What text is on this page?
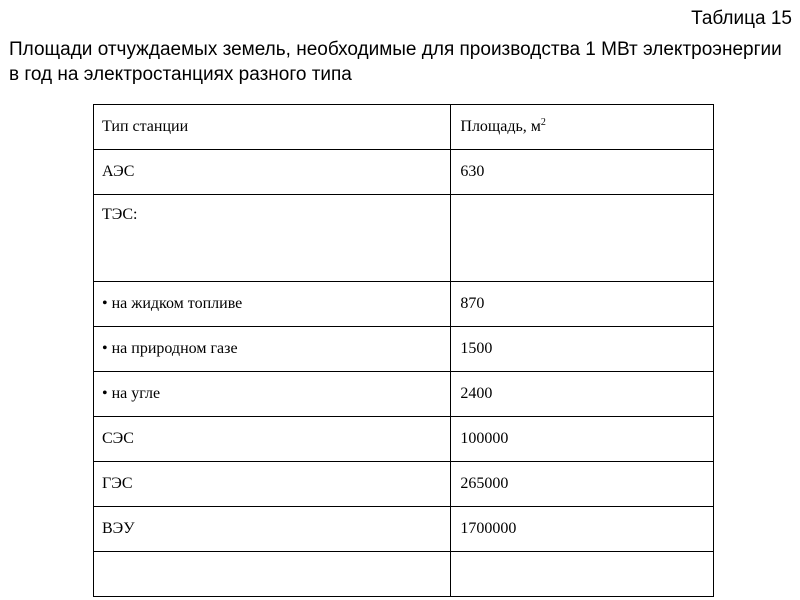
Таблица 15
Площади отчуждаемых земель, необходимые для производства 1 МВт электроэнергии в год на электростанциях разного типа
Тип станции	Площадь, $м^2$
АЭС	630
ТЭС:	
• на жидком топливе	870
• на природном газе	1500
• на угле	2400
СЭС	100000
ГЭС	265000
ВЭУ	1700000
